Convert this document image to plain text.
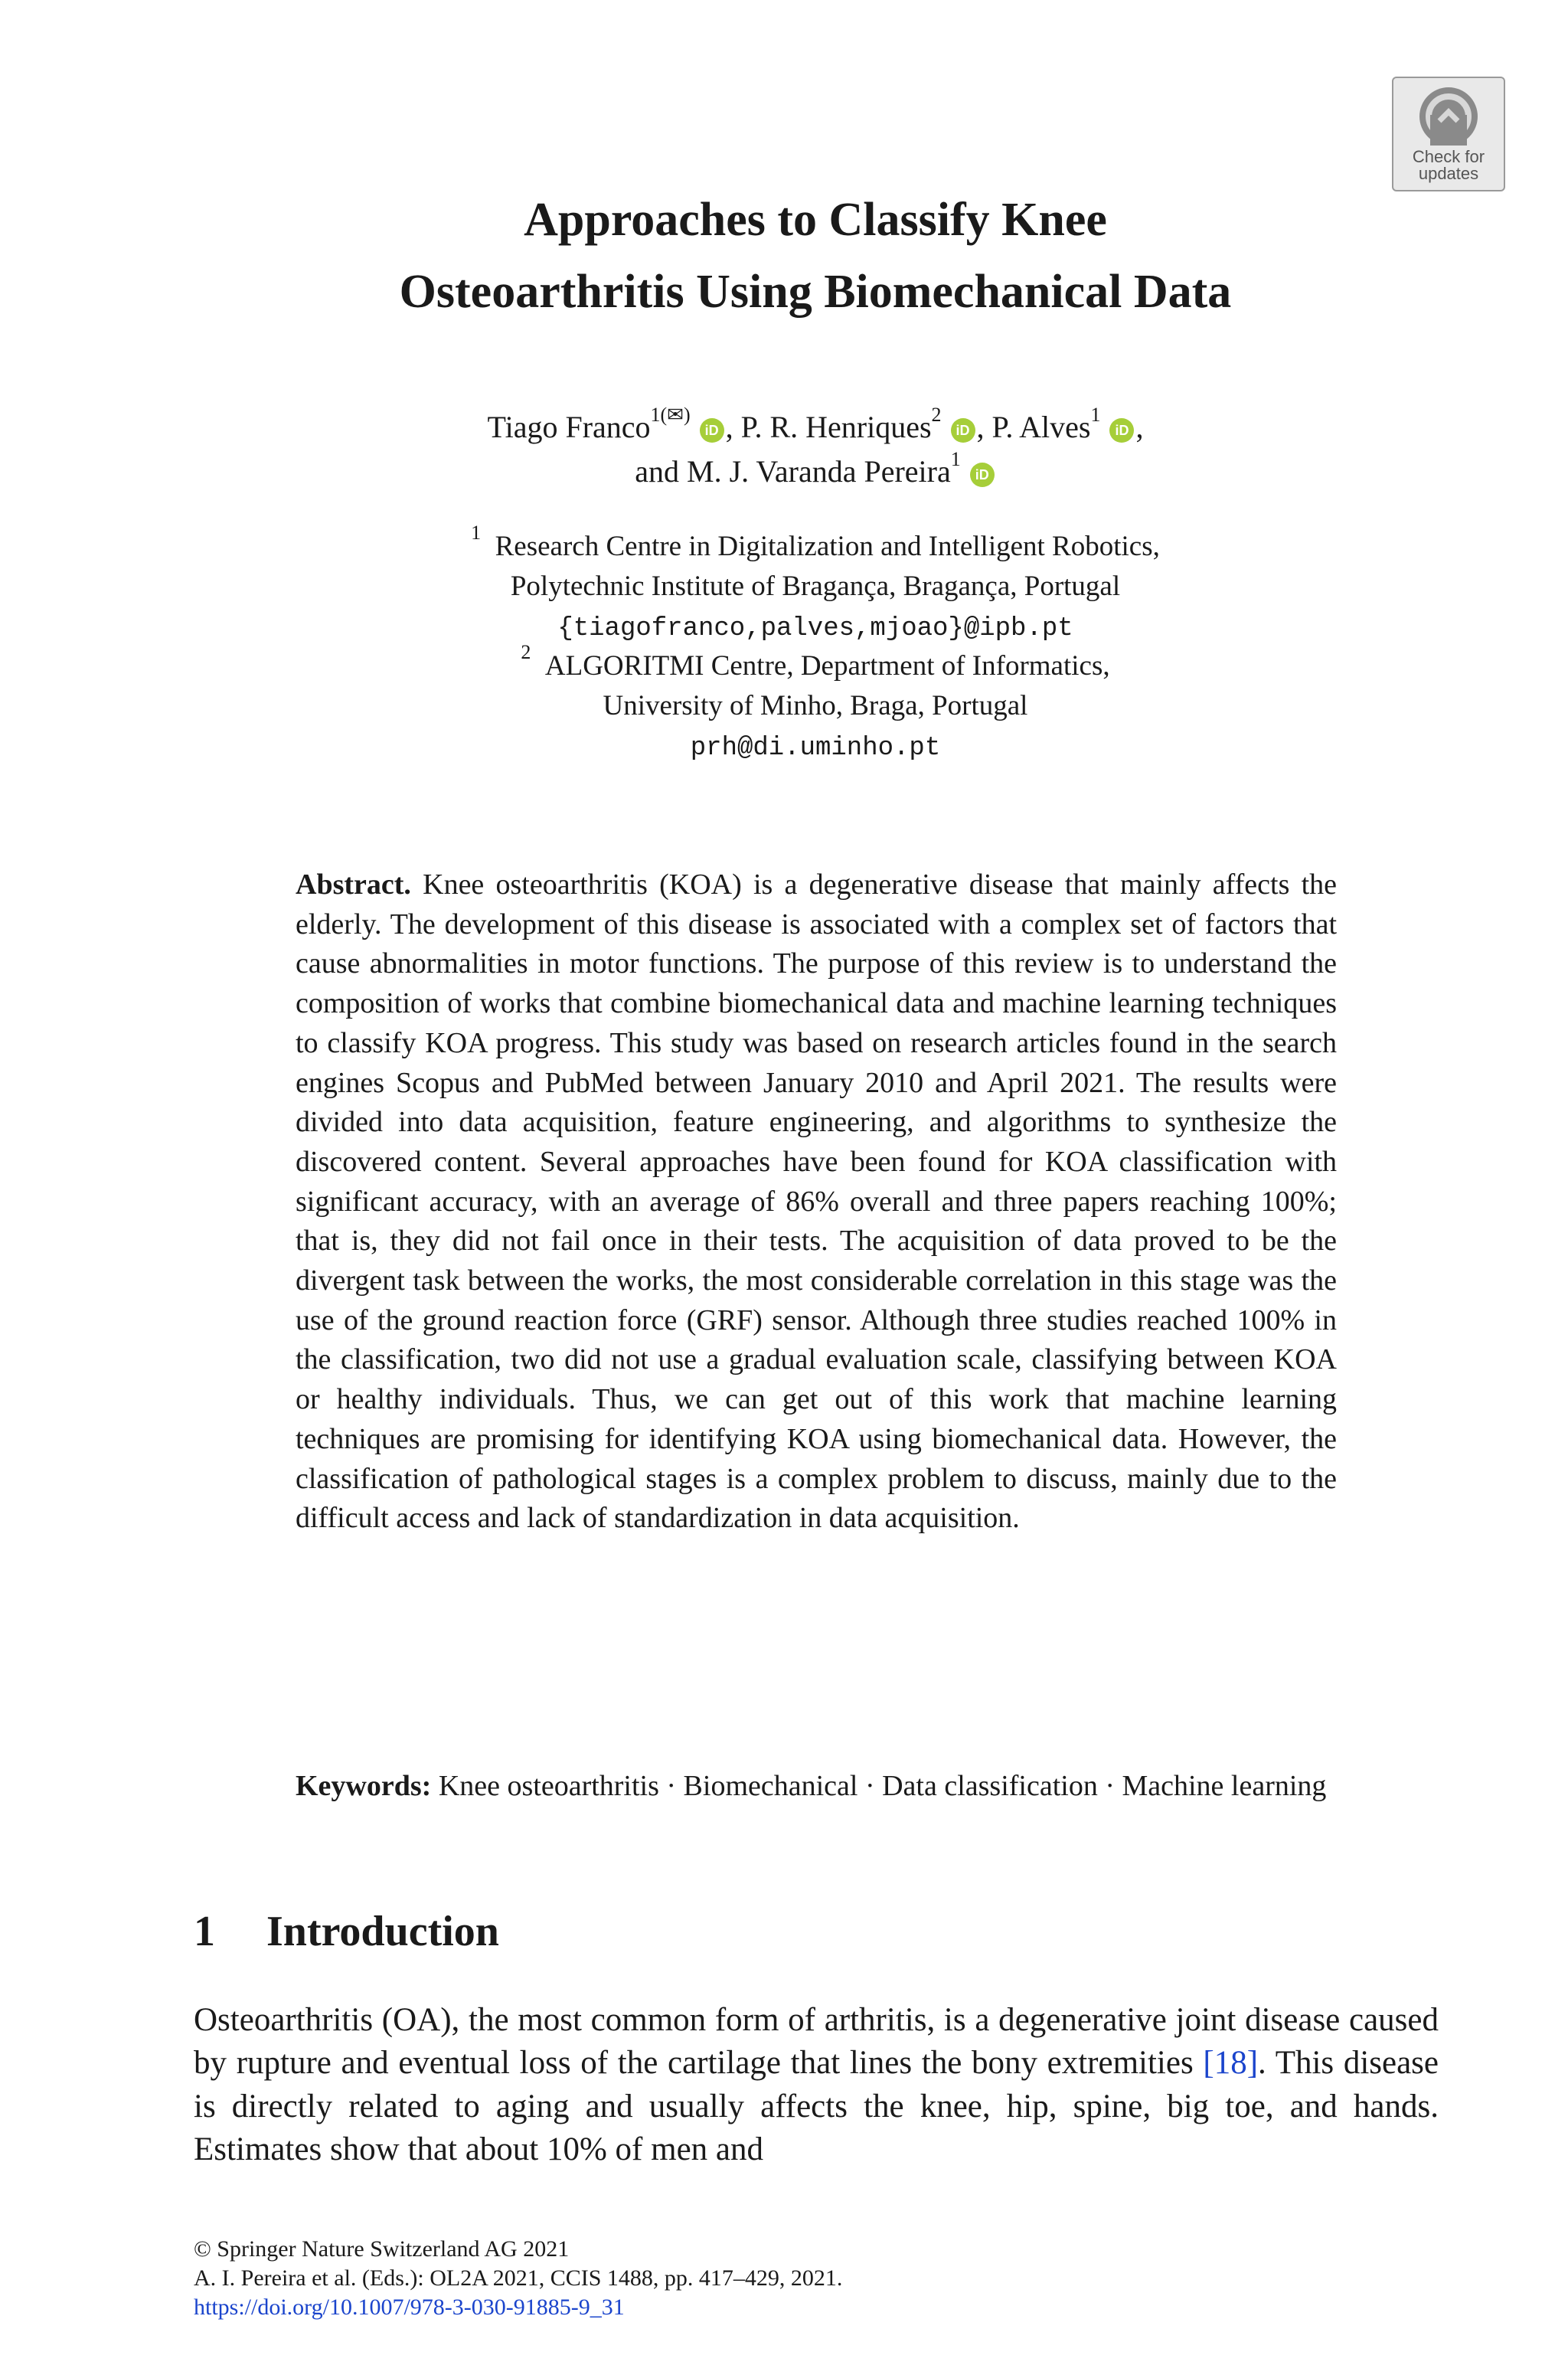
Check for
updates
Approaches to Classify Knee
Osteoarthritis Using Biomechanical Data
Tiago Franco$^{1(✉)}$ iD , P. R. Henriques$^2$ iD , P. Alves$^1$ iD ,
and M. J. Varanda Pereira$^1$ iD
$^1$ Research Centre in Digitalization and Intelligent Robotics,
Polytechnic Institute of Bragança, Bragança, Portugal
{tiagofranco,palves,mjoao}@ipb.pt
$^2$ ALGORITMI Centre, Department of Informatics,
University of Minho, Braga, Portugal
prh@di.uminho.pt
Abstract. Knee osteoarthritis (KOA) is a degenerative disease that mainly affects the elderly. The development of this disease is associated with a complex set of factors that cause abnormalities in motor functions. The purpose of this review is to understand the composition of works that combine biomechanical data and machine learning techniques to classify KOA progress. This study was based on research articles found in the search engines Scopus and PubMed between January 2010 and April 2021. The results were divided into data acquisition, feature engineering, and algorithms to synthesize the discovered content. Several approaches have been found for KOA classification with significant accuracy, with an average of 86% overall and three papers reaching 100%; that is, they did not fail once in their tests. The acquisition of data proved to be the divergent task between the works, the most considerable correlation in this stage was the use of the ground reaction force (GRF) sensor. Although three studies reached 100% in the classification, two did not use a gradual evaluation scale, classifying between KOA or healthy individuals. Thus, we can get out of this work that machine learning techniques are promising for identifying KOA using biomechanical data. However, the classification of pathological stages is a complex problem to discuss, mainly due to the difficult access and lack of standardization in data acquisition.
Keywords: Knee osteoarthritis · Biomechanical · Data classification · Machine learning
1 Introduction
Osteoarthritis (OA), the most common form of arthritis, is a degenerative joint disease caused by rupture and eventual loss of the cartilage that lines the bony extremities [18]. This disease is directly related to aging and usually affects the knee, hip, spine, big toe, and hands. Estimates show that about 10% of men and
© Springer Nature Switzerland AG 2021
A. I. Pereira et al. (Eds.): OL2A 2021, CCIS 1488, pp. 417–429, 2021.
https://doi.org/10.1007/978-3-030-91885-9_31
